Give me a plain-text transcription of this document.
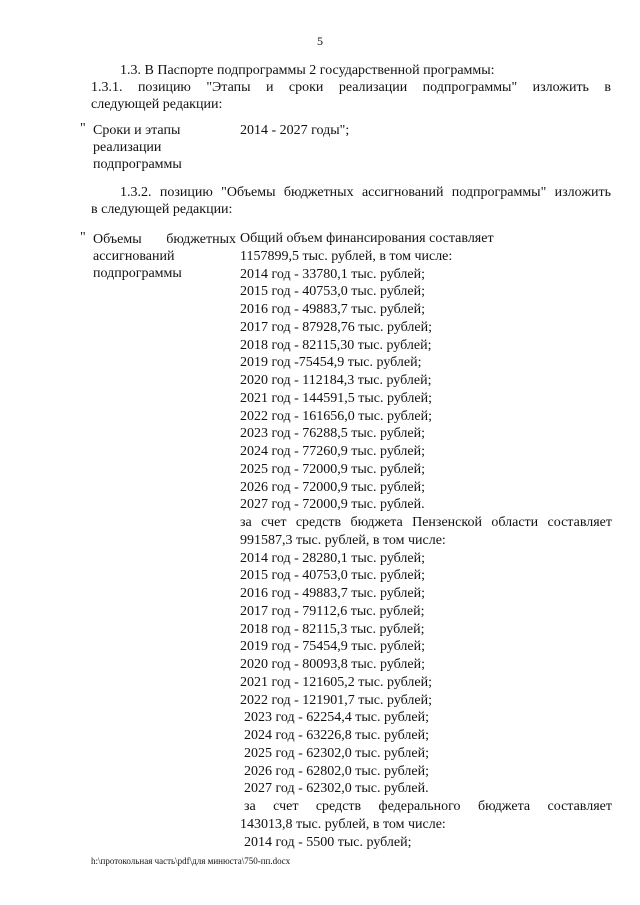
5
1.3. В Паспорте подпрограммы 2 государственной программы:
1.3.1. позицию "Этапы и сроки реализации подпрограммы" изложить в
следующей редакции:
" Сроки и этапы
реализации
подпрограммы
2014 - 2027 годы";
1.3.2. позицию "Объемы бюджетных ассигнований подпрограммы" изложить
в следующей редакции:
" Объемы бюджетных
ассигнований
подпрограммы
Общий объем финансирования составляет
1157899,5 тыс. рублей, в том числе:
2014 год - 33780,1 тыс. рублей;
2015 год - 40753,0 тыс. рублей;
2016 год - 49883,7 тыс. рублей;
2017 год - 87928,76 тыс. рублей;
2018 год - 82115,30 тыс. рублей;
2019 год -75454,9 тыс. рублей;
2020 год - 112184,3 тыс. рублей;
2021 год - 144591,5 тыс. рублей;
2022 год - 161656,0 тыс. рублей;
2023 год - 76288,5 тыс. рублей;
2024 год - 77260,9 тыс. рублей;
2025 год - 72000,9 тыс. рублей;
2026 год - 72000,9 тыс. рублей;
2027 год - 72000,9 тыс. рублей.
за счет средств бюджета Пензенской области составляет
991587,3 тыс. рублей, в том числе:
2014 год - 28280,1 тыс. рублей;
2015 год - 40753,0 тыс. рублей;
2016 год - 49883,7 тыс. рублей;
2017 год - 79112,6 тыс. рублей;
2018 год - 82115,3 тыс. рублей;
2019 год - 75454,9 тыс. рублей;
2020 год - 80093,8 тыс. рублей;
2021 год - 121605,2 тыс. рублей;
2022 год - 121901,7 тыс. рублей;
2023 год - 62254,4 тыс. рублей;
2024 год - 63226,8 тыс. рублей;
2025 год - 62302,0 тыс. рублей;
2026 год - 62802,0 тыс. рублей;
2027 год - 62302,0 тыс. рублей.
за счет средств федерального бюджета составляет
143013,8 тыс. рублей, в том числе:
2014 год - 5500 тыс. рублей;
h:\протокольная часть\pdf\для минюста\750-пп.docx
